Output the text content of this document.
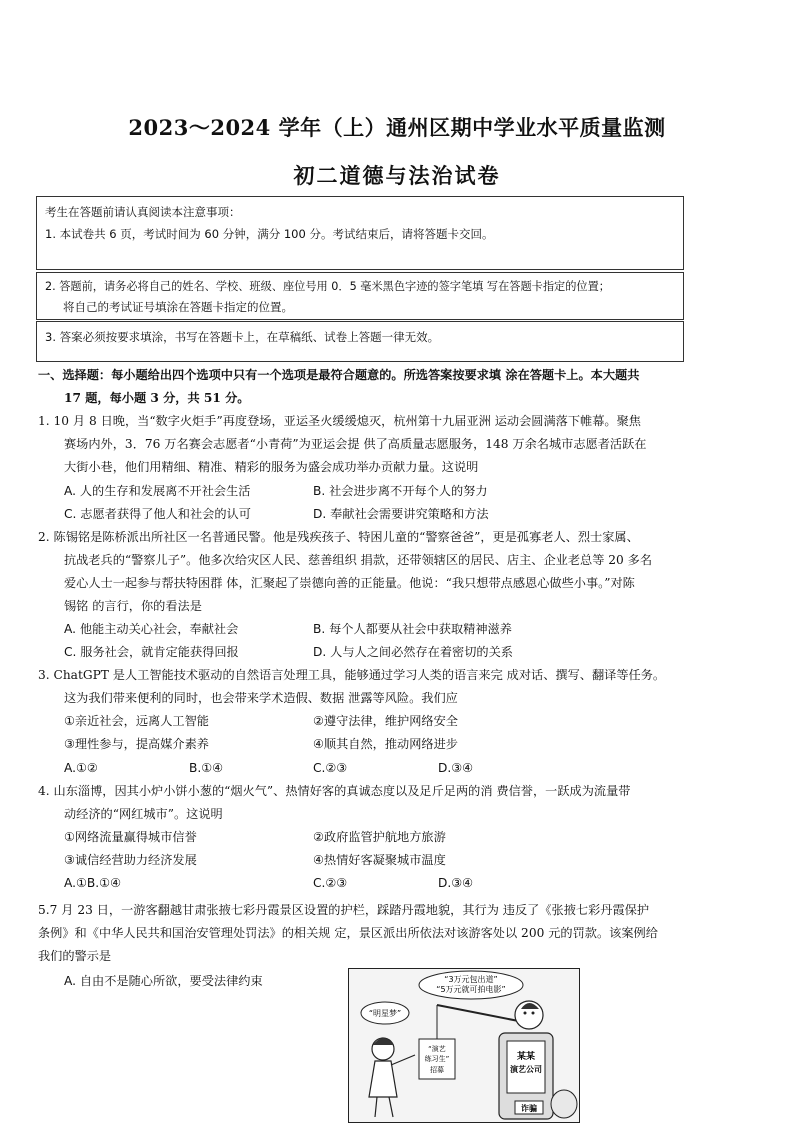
2023～2024 学年（上）通州区期中学业水平质量监测
初二道德与法治试卷
考生在答题前请认真阅读本注意事项：
1. 本试卷共 6 页，考试时间为 60 分钟，满分 100 分。考试结束后，请将答题卡交回。
2. 答题前，请务必将自己的姓名、学校、班级、座位号用 0．5 毫米黑色字迹的签字笔填 写在答题卡指定的位置；
将自己的考试证号填涂在答题卡指定的位置。
3. 答案必须按要求填涂，书写在答题卡上，在草稿纸、试卷上答题一律无效。
一、选择题：每小题给出四个选项中只有一个选项是最符合题意的。所选答案按要求填 涂在答题卡上。本大题共
17 题，每小题 3 分，共 51 分。
1. 10 月 8 日晚，当“数字火炬手”再度登场，亚运圣火缓缓熄灭，杭州第十九届亚洲 运动会圆满落下帷幕。聚焦
赛场内外，3．76 万名赛会志愿者“小青荷”为亚运会提 供了高质量志愿服务，148 万余名城市志愿者活跃在
大街小巷，他们用精细、精准、精彩的服务为盛会成功举办贡献力量。这说明
A. 人的生存和发展离不开社会生活	B. 社会进步离不开每个人的努力
C. 志愿者获得了他人和社会的认可	D. 奉献社会需要讲究策略和方法
2. 陈锡铭是陈桥派出所社区一名普通民警。他是残疾孩子、特困儿童的“警察爸爸”，更是孤寡老人、烈士家属、
抗战老兵的“警察儿子”。他多次给灾区人民、慈善组织 捐款，还带领辖区的居民、店主、企业老总等 20 多名
爱心人士一起参与帮扶特困群 体，汇聚起了崇德向善的正能量。他说：“我只想带点感恩心做些小事。”对陈
锡铭 的言行，你的看法是
A. 他能主动关心社会，奉献社会	B. 每个人都要从社会中获取精神滋养
C. 服务社会，就肯定能获得回报	D. 人与人之间必然存在着密切的关系
3. ChatGPT 是人工智能技术驱动的自然语言处理工具，能够通过学习人类的语言来完 成对话、撰写、翻译等任务。
这为我们带来便利的同时，也会带来学术造假、数据 泄露等风险。我们应
①亲近社会，远离人工智能	②遵守法律，维护网络安全
③理性参与，提高媒介素养	④顺其自然，推动网络进步
A.①②	B.①④	C.②③	D.③④
4. 山东淄博，因其小炉小饼小葱的“烟火气”、热情好客的真诚态度以及足斤足两的消 费信誉，一跃成为流量带
动经济的“网红城市”。这说明
①网络流量赢得城市信誉	②政府监管护航地方旅游
③诚信经营助力经济发展	④热情好客凝聚城市温度
A.①B.①④	C.②③	D.③④
5.7 月 23 日，一游客翻越甘肃张掖七彩丹霞景区设置的护栏，踩踏丹霞地貌，其行为 违反了《张掖七彩丹霞保护
条例》和《中华人民共和国治安管理处罚法》的相关规 定，景区派出所依法对该游客处以 200 元的罚款。该案例给
我们的警示是
A. 自由不是随心所欲，要受法律约束	“3万元包出道”
“5万元就可拍电影”
某某
演艺公司
诈骗
“演艺
练习生”
招募
“明星梦”
